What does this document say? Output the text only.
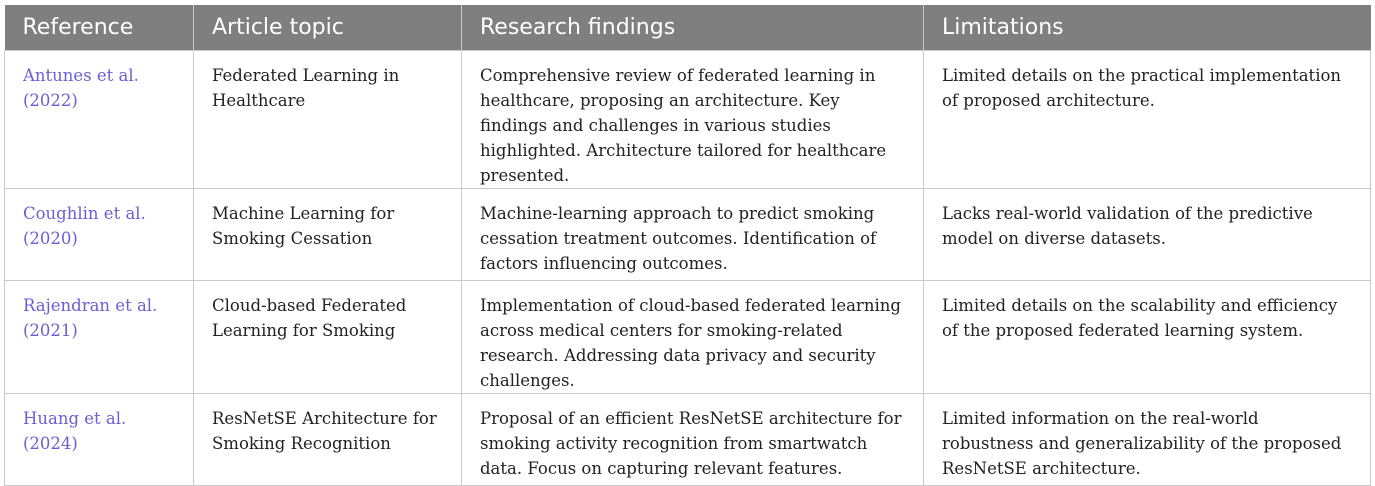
Reference	Article topic	Research findings	Limitations
Antunes et al. (2022)	Federated Learning in Healthcare	Comprehensive review of federated learning in healthcare, proposing an architecture. Key findings and challenges in various studies highlighted. Architecture tailored for healthcare presented.	Limited details on the practical implementation of proposed architecture.
Coughlin et al. (2020)	Machine Learning for Smoking Cessation	Machine-learning approach to predict smoking cessation treatment outcomes. Identification of factors influencing outcomes.	Lacks real-world validation of the predictive model on diverse datasets.
Rajendran et al. (2021)	Cloud-based Federated Learning for Smoking	Implementation of cloud-based federated learning across medical centers for smoking-related research. Addressing data privacy and security challenges.	Limited details on the scalability and efficiency of the proposed federated learning system.
Huang et al. (2024)	ResNetSE Architecture for Smoking Recognition	Proposal of an efficient ResNetSE architecture for smoking activity recognition from smartwatch data. Focus on capturing relevant features.	Limited information on the real-world robustness and generalizability of the proposed ResNetSE architecture.
